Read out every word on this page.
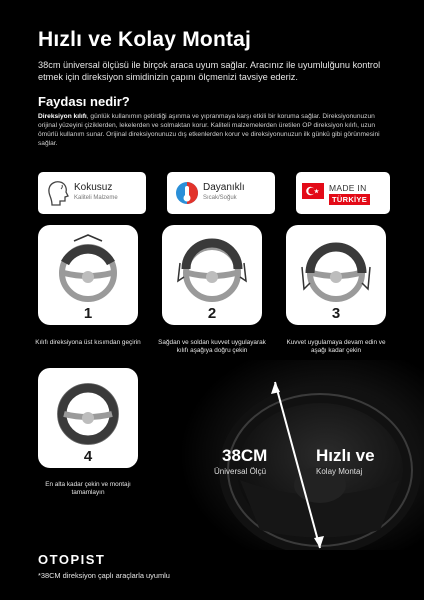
Hızlı ve Kolay Montaj
38cm üniversal ölçüsü ile birçok araca uyum sağlar. Aracınız ile uyumlulğunu kontrol etmek için direksiyon simidinizin çapını ölçmenizi tavsiye ederiz.
Faydası nedir?
Direksiyon kılıfı, günlük kullanımın getirdiği aşınma ve yıpranmaya karşı etkili bir koruma sağlar. Direksiyonunuzun orijinal yüzeyini çiziklerden, lekelerden ve solmaktan korur. Kaliteli malzemelerden üretilen OP direksiyon kılıfı, uzun ömürlü kullanım sunar. Orijinal direksiyonunuzu dış etkenlerden korur ve direksiyonunuzun ilk günkü gibi görünmesini sağlar.
Kokusuz
Kaliteli Malzeme
Dayanıklı
Sıcak/Soğuk
MADE IN
TÜRKİYE
1
Kılıfı direksiyona üst kısımdan geçirin
2
Sağdan ve soldan kuvvet uygulayarak kılıfı aşağıya doğru çekin
3
Kuvvet uygulamaya devam edin ve aşağı kadar çekin
4
En alta kadar çekin ve montajı tamamlayın
38CM
Üniversal Ölçü
Hızlı ve
Kolay Montaj
OTOPIST
*38CM direksiyon çaplı araçlarla uyumlu
